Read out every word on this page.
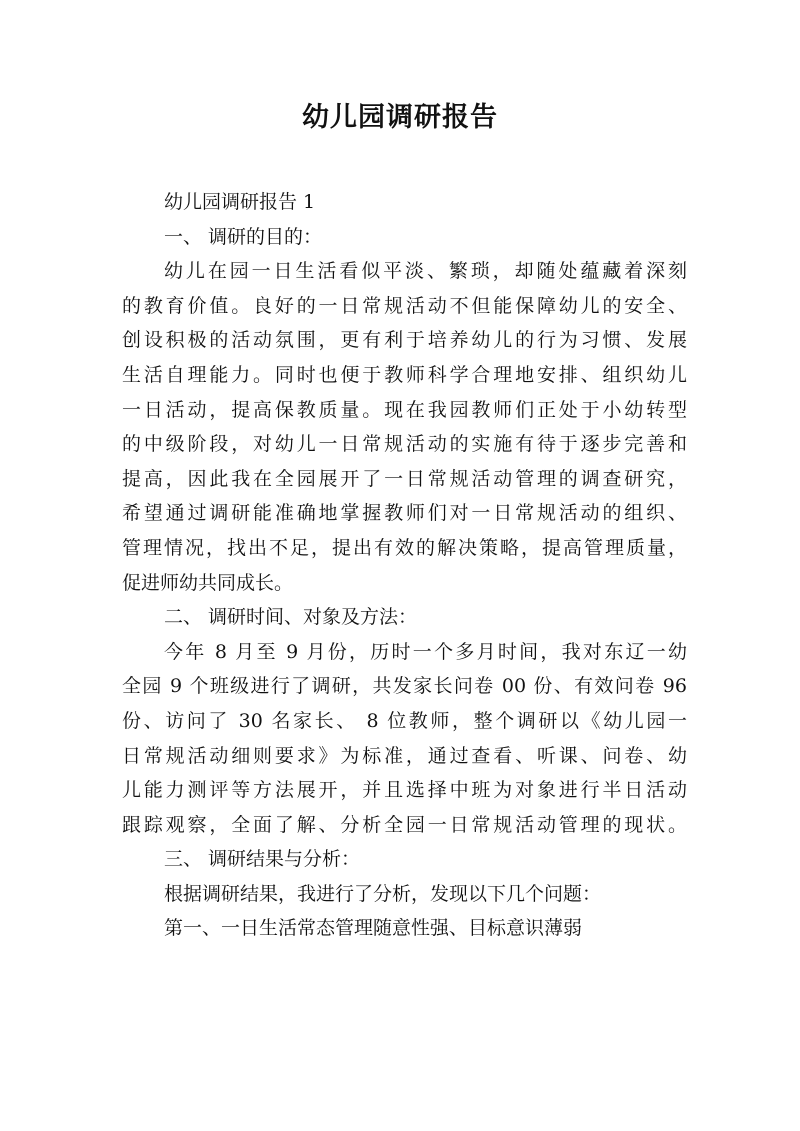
幼儿园调研报告
幼儿园调研报告 1
一、 调研的目的：
幼儿在园一日生活看似平淡、繁琐，却随处蕴藏着深刻
的教育价值。良好的一日常规活动不但能保障幼儿的安全、
创设积极的活动氛围，更有利于培养幼儿的行为习惯、发展
生活自理能力。同时也便于教师科学合理地安排、组织幼儿
一日活动，提高保教质量。现在我园教师们正处于小幼转型
的中级阶段，对幼儿一日常规活动的实施有待于逐步完善和
提高，因此我在全园展开了一日常规活动管理的调查研究，
希望通过调研能准确地掌握教师们对一日常规活动的组织、
管理情况，找出不足，提出有效的解决策略，提高管理质量，
促进师幼共同成长。
二、 调研时间、对象及方法：
今年 8 月至 9 月份，历时一个多月时间，我对东辽一幼
全园 9 个班级进行了调研，共发家长问卷 00 份、有效问卷 96
份、访问了 30 名家长、 8 位教师，整个调研以《幼儿园一
日常规活动细则要求》为标准，通过查看、听课、问卷、幼
儿能力测评等方法展开，并且选择中班为对象进行半日活动
跟踪观察，全面了解、分析全园一日常规活动管理的现状。
三、 调研结果与分析：
根据调研结果，我进行了分析，发现以下几个问题：
第一、一日生活常态管理随意性强、目标意识薄弱
